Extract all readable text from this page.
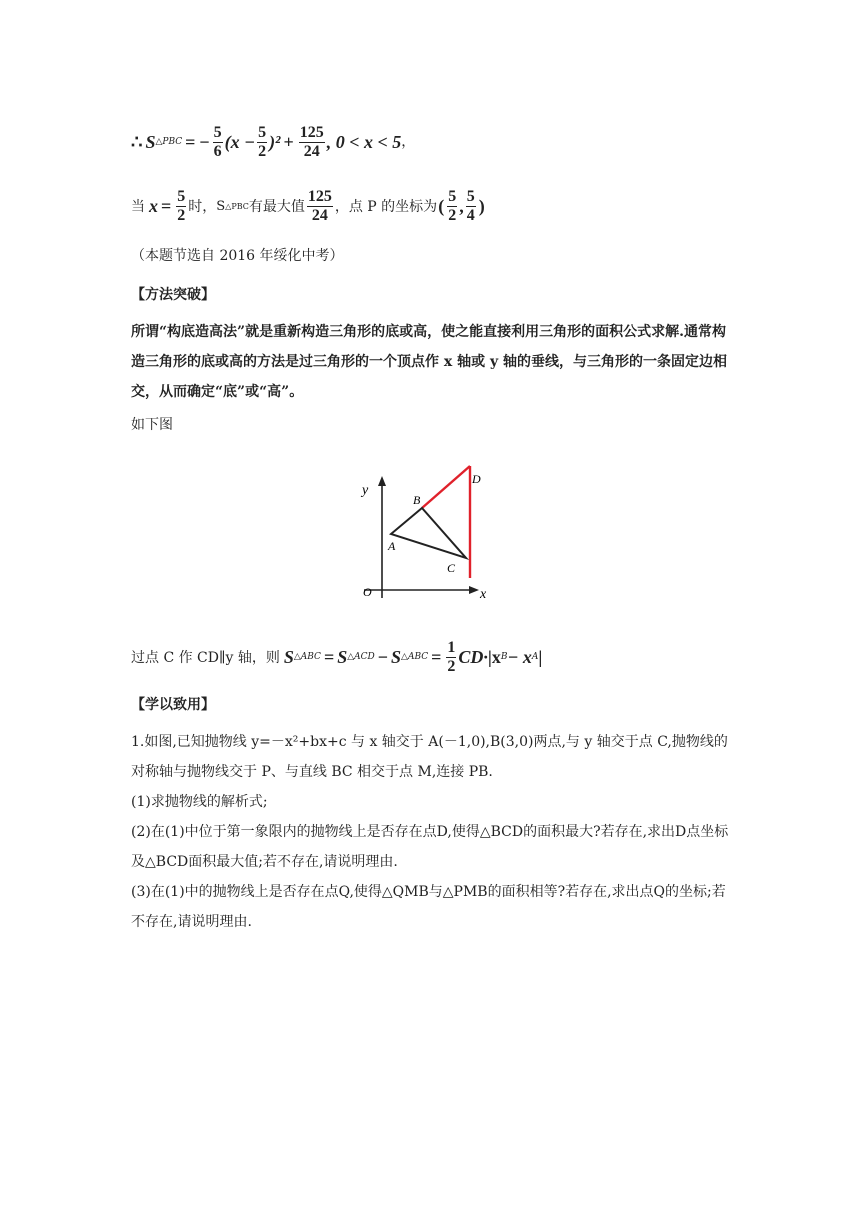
∴ S △PBC = − $\frac{5}{6} (x - \frac{5}{2} )^2 + \frac{125}{24}$ , 0 < x < 5 ，
当 $x = \frac{5}{2}$ 时， S △PBC 有最大值 $\frac{125}{24}$ ，点 P 的坐标为 ( $\frac{5}{2}$ , $\frac{5}{4}$ )
（本题节选自 2016 年绥化中考）
【方法突破】
所谓“构底造高法”就是重新构造三角形的底或高，使之能直接利用三角形的面积公式求解.通常构造三角形的底或高的方法是过三角形的一个顶点作 x 轴或 y 轴的垂线，与三角形的一条固定边相交，从而确定“底”或“高”。
如下图
y
x
O
A
B
C
D
过点 C 作 CD∥y 轴，则 S △ABC = S △ACD − S △ABC = $\frac{1}{2} CD\cdot |x$ B − x A |
【学以致用】
1.如图,已知抛物线 y=－x²+bx+c 与 x 轴交于 A(－1,0),B(3,0)两点,与 y 轴交于点 C,抛物线的对称轴与抛物线交于 P、与直线 BC 相交于点 M,连接 PB.
(1)求抛物线的解析式;
(2)在(1)中位于第一象限内的抛物线上是否存在点D,使得△BCD的面积最大?若存在,求出D点坐标及△BCD面积最大值;若不存在,请说明理由.
(3)在(1)中的抛物线上是否存在点Q,使得△QMB与△PMB的面积相等?若存在,求出点Q的坐标;若不存在,请说明理由.
